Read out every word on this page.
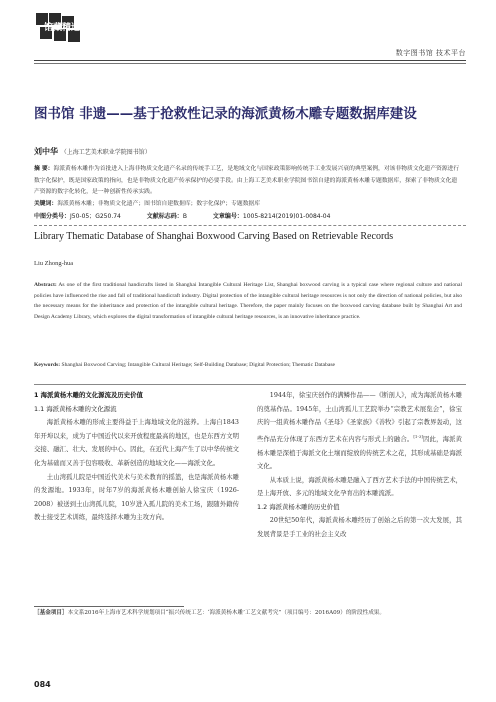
馆藏精选
数字图书馆 技术平台
图书馆 非遗——基于抢救性记录的海派黄杨木雕专题数据库建设
刘中华 （上海工艺美术职业学院图书馆）
摘 要：海派黄杨木雕作为首批进入上海非物质文化遗产名录的传统手工艺，是地域文化与国家政策影响传统手工业发展兴衰的典型案例，对该非物质文化遗产资源进行数字化保护，既是国家政策的指向，也是非物质文化遗产传承保护的必要手段。由上海工艺美术职业学院图书馆自建的海派黄杨木雕专题数据库，探索了非物质文化遗产资源的数字化转化，是一种创新性传承实践。
关键词：海派黄杨木雕；非物质文化遗产；图书馆自建数据库；数字化保护；专题数据库
中图分类号：J50-05；G250.74	文献标志码：B	文章编号：1005-8214(2019)01-0084-04
Library Thematic Database of Shanghai Boxwood Carving Based on Retrievable Records
Liu Zhong-hua
Abstract: As one of the first traditional handicrafts listed in Shanghai Intangible Cultural Heritage List, Shanghai boxwood carving is a typical case where regional culture and national policies have influenced the rise and fall of traditional handicraft industry. Digital protection of the intangible cultural heritage resources is not only the direction of national policies, but also the necessary means for the inheritance and protection of the intangible cultural heritage. Therefore, the paper mainly focuses on the boxwood carving database built by Shanghai Art and Design Academy Library, which explores the digital transformation of intangible cultural heritage resources, is an innovative inheritance practice.
Keywords: Shanghai Boxwood Carving; Intangible Cultural Heritage; Self-Building Database; Digital Protection; Thematic Database

1 海派黄杨木雕的文化源流及历史价值

1.1 海派黄杨木雕的文化源流

海派黄杨木雕的形成主要得益于上海地域文化的滋养。上海自1843年开埠以来，成为了中国近代以来开放程度最高的地区，也是东西方文明交接、融汇、壮大、发展的中心。因此，在近代上海产生了以中华传统文化为基础而又善于包容吸收、革新创造的地域文化——海派文化。

土山湾孤儿院是中国近代美术与美术教育的摇篮，也是海派黄杨木雕的发源地。1933年，时年7岁的海派黄杨木雕创始人徐宝庆（1926-2008）被送到土山湾孤儿院，10岁进入孤儿院的美术工场，跟随外籍传教士接受艺术训练，最终选择木雕为主攻方向。

1944年，徐宝庆创作的满鳞作品——《断剖人》，成为海派黄杨木雕的奠基作品。1945年，土山湾孤儿工艺院举办“宗教艺术展览会”，徐宝庆的一组黄杨木雕作品《圣母》《圣家族》《善牧》引起了宗教界轰动，这些作品充分体现了东西方艺术在内容与形式上的融合。[1-3]因此，海派黄杨木雕是深植于海派文化土壤而绽放的传统艺术之花，其形成基础是海派文化。

从本质上说，海派黄杨木雕是融入了西方艺术手法的中国传统艺术，是上海开放、多元的地域文化孕育出的本雕流派。

1.2 海派黄杨木雕的历史价值

20世纪50年代，海派黄杨木雕经历了创始之后的第一次大发展，其发展背景是手工业的社会主义改

［基金项目］本文系2016年上海市艺术科学规划项目“振兴传统工艺：‘海派黄杨木雕’工艺文献考究”（项目编号：2016A09）的阶段性成果。
084
